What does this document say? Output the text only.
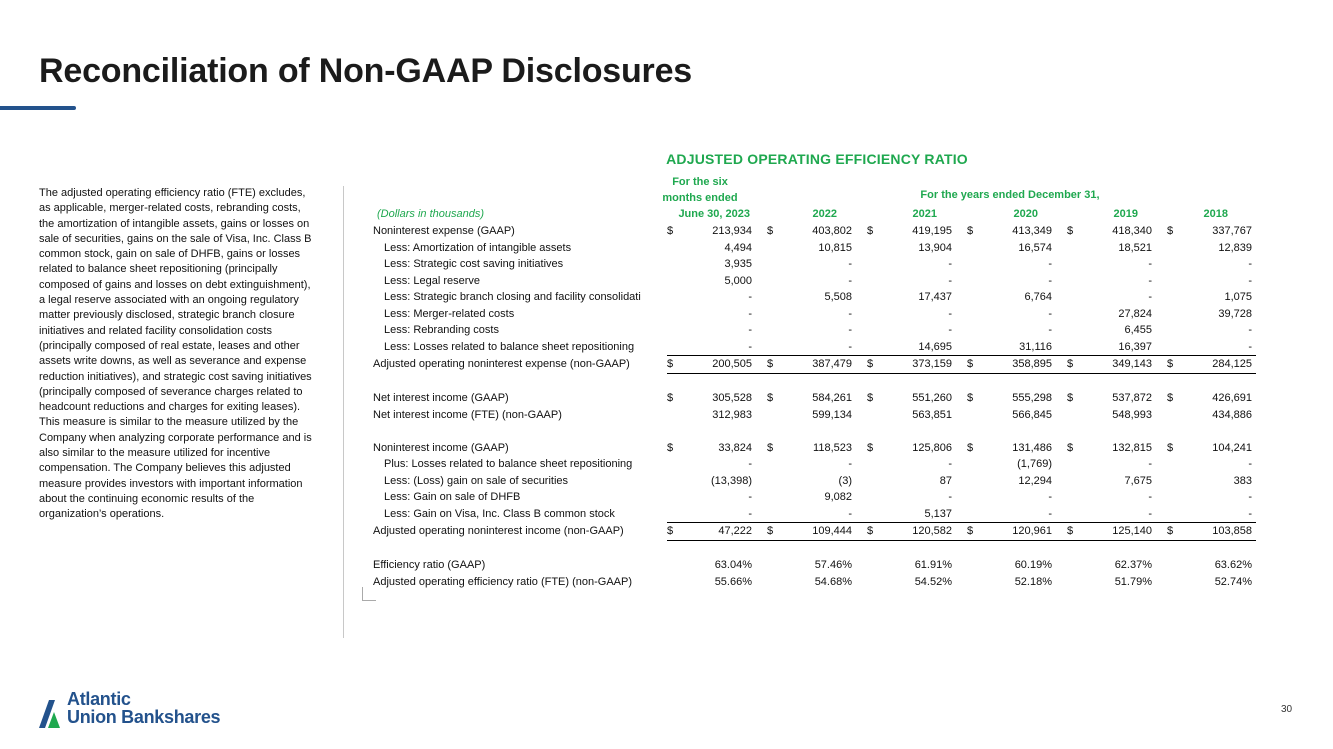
Reconciliation of Non-GAAP Disclosures
The adjusted operating efficiency ratio (FTE) excludes, as applicable, merger-related costs, rebranding costs, the amortization of intangible assets, gains or losses on sale of securities, gains on the sale of Visa, Inc. Class B common stock, gain on sale of DHFB, gains or losses related to balance sheet repositioning (principally composed of gains and losses on debt extinguishment), a legal reserve associated with an ongoing regulatory matter previously disclosed, strategic branch closure initiatives and related facility consolidation costs (principally composed of real estate, leases and other assets write downs, as well as severance and expense reduction initiatives), and strategic cost saving initiatives (principally composed of severance charges related to headcount reductions and charges for exiting leases). This measure is similar to the measure utilized by the Company when analyzing corporate performance and is also similar to the measure utilized for incentive compensation. The Company believes this adjusted measure provides investors with important information about the continuing economic results of the organization’s operations.
ADJUSTED OPERATING EFFICIENCY RATIO
For the six
months ended	For the years ended December 31,
(Dollars in thousands)	June 30, 2023	2022	2021	2020	2019	2018
Noninterest expense (GAAP)	$	213,934	$	403,802	$	419,195	$	413,349	$	418,340	$	337,767
Less: Amortization of intangible assets		4,494		10,815		13,904		16,574		18,521		12,839
Less: Strategic cost saving initiatives		3,935		-		-		-		-		-
Less: Legal reserve		5,000		-		-		-		-		-
Less: Strategic branch closing and facility consolidati		-		5,508		17,437		6,764		-		1,075
Less: Merger-related costs		-		-		-		-		27,824		39,728
Less: Rebranding costs		-		-		-		-		6,455		-
Less: Losses related to balance sheet repositioning		-		-		14,695		31,116		16,397		-
Adjusted operating noninterest expense (non-GAAP)	$	200,505	$	387,479	$	373,159	$	358,895	$	349,143	$	284,125

Net interest income (GAAP)	$	305,528	$	584,261	$	551,260	$	555,298	$	537,872	$	426,691
Net interest income (FTE) (non-GAAP)		312,983		599,134		563,851		566,845		548,993		434,886

Noninterest income (GAAP)	$	33,824	$	118,523	$	125,806	$	131,486	$	132,815	$	104,241
Plus: Losses related to balance sheet repositioning		-		-		-		(1,769)		-		-
Less: (Loss) gain on sale of securities		(13,398)		(3)		87		12,294		7,675		383
Less: Gain on sale of DHFB		-		9,082		-		-		-		-
Less: Gain on Visa, Inc. Class B common stock		-		-		5,137		-		-		-
Adjusted operating noninterest income (non-GAAP)	$	47,222	$	109,444	$	120,582	$	120,961	$	125,140	$	103,858

Efficiency ratio (GAAP)		63.04%		57.46%		61.91%		60.19%		62.37%		63.62%
Adjusted operating efficiency ratio (FTE) (non-GAAP)		55.66%		54.68%		54.52%		52.18%		51.79%		52.74%
Atlantic
Union Bankshares	30
